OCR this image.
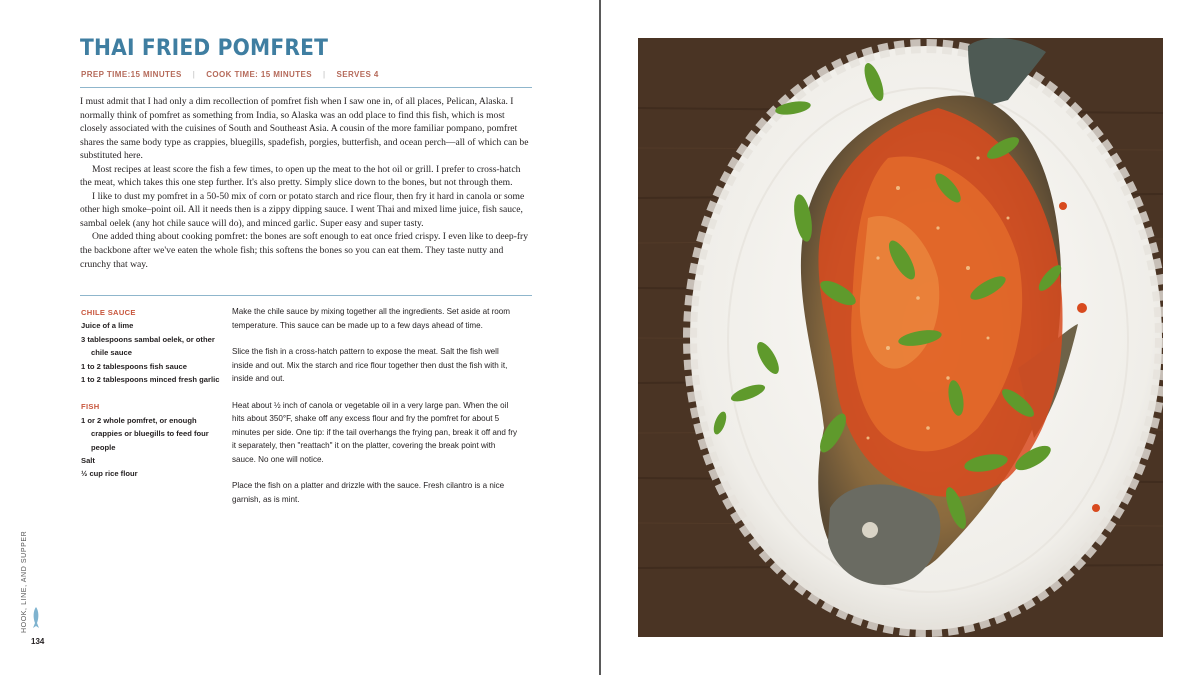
THAI FRIED POMFRET
PREP TIME:15 MINUTES | COOK TIME: 15 MINUTES | SERVES 4

I must admit that I had only a dim recollection of pomfret fish when I saw one in, of all places, Pelican, Alaska. I normally think of pomfret as something from India, so Alaska was an odd place to find this fish, which is most closely associated with the cuisines of South and Southeast Asia. A cousin of the more familiar pompano, pomfret shares the same body type as crappies, bluegills, spadefish, porgies, butterfish, and ocean perch—all of which can be substituted here.

Most recipes at least score the fish a few times, to open up the meat to the hot oil or grill. I prefer to cross-hatch the meat, which takes this one step further. It's also pretty. Simply slice down to the bones, but not through them.

I like to dust my pomfret in a 50-50 mix of corn or potato starch and rice flour, then fry it hard in canola or some other high smoke–point oil. All it needs then is a zippy dipping sauce. I went Thai and mixed lime juice, fish sauce, sambal oelek (any hot chile sauce will do), and minced garlic. Super easy and super tasty.

One added thing about cooking pomfret: the bones are soft enough to eat once fried crispy. I even like to deep-fry the backbone after we've eaten the whole fish; this softens the bones so you can eat them. They taste nutty and crunchy that way.

CHILE SAUCE
Juice of a lime
3 tablespoons sambal oelek, or other chile sauce
1 to 2 tablespoons fish sauce
1 to 2 tablespoons minced fresh garlic
FISH
1 or 2 whole pomfret, or enough crappies or bluegills to feed four people
Salt
½ cup rice flour

Make the chile sauce by mixing together all the ingredients. Set aside at room temperature. This sauce can be made up to a few days ahead of time.

Slice the fish in a cross-hatch pattern to expose the meat. Salt the fish well inside and out. Mix the starch and rice flour together then dust the fish with it, inside and out.

Heat about ½ inch of canola or vegetable oil in a very large pan. When the oil hits about 350°F, shake off any excess flour and fry the pomfret for about 5 minutes per side. One tip: if the tail overhangs the frying pan, break it off and fry it separately, then "reattach" it on the platter, covering the break point with sauce. No one will notice.

Place the fish on a platter and drizzle with the sauce. Fresh cilantro is a nice garnish, as is mint.

HOOK, LINE, AND SUPPER
134
